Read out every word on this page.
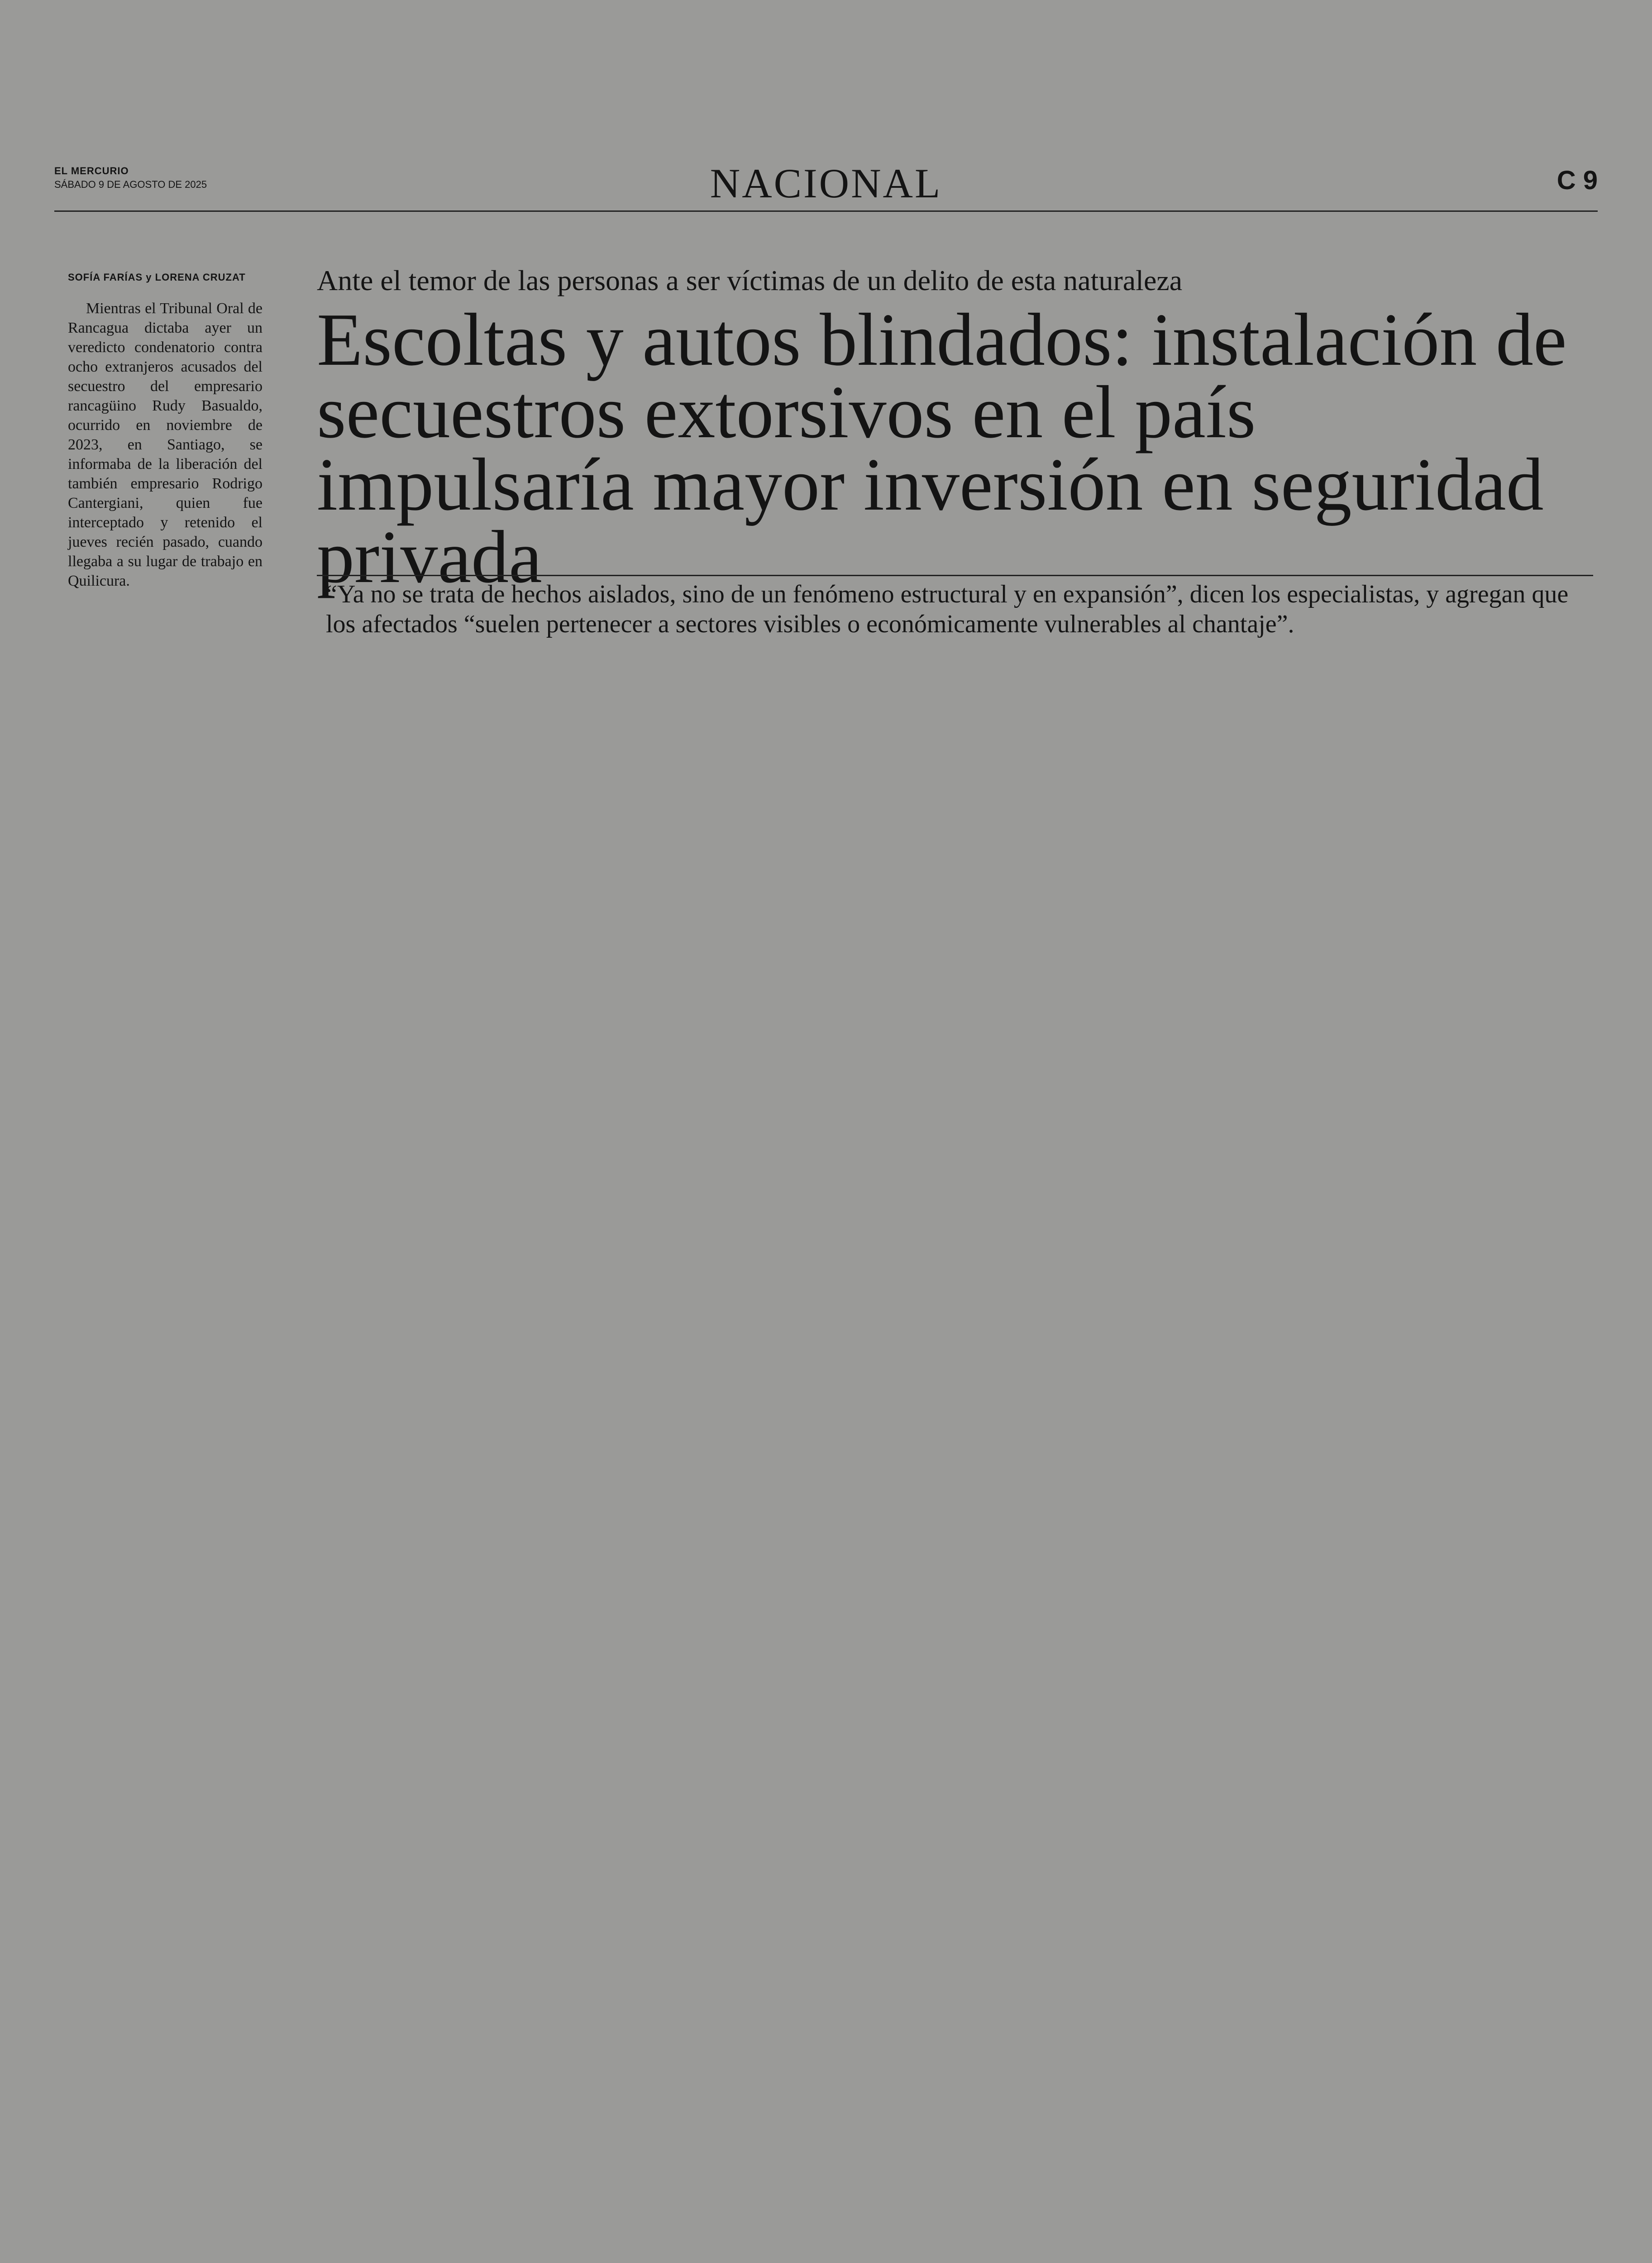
EL MERCURIO
SÁBADO 9 DE AGOSTO DE 2025	NACIONAL	C 9
SOFÍA FARÍAS y LORENA CRUZAT

Mientras el Tribunal Oral de Rancagua dictaba ayer un veredicto condenatorio contra ocho extranjeros acusados del secuestro del empresario rancagüino Rudy Basualdo, ocurrido en noviembre de 2023, en Santiago, se informaba de la liberación del también empresario Rodrigo Cantergiani, quien fue interceptado y retenido el jueves recién pasado, cuando llegaba a su lugar de trabajo en Quilicura.

Ante el temor de las personas a ser víctimas de un delito de esta naturaleza
Escoltas y autos blindados: instalación de secuestros extorsivos en el país impulsaría mayor inversión en seguridad privada
“Ya no se trata de hechos aislados, sino de un fenómeno estructural y en expansión”, dicen los especialistas, y agregan que los afectados “suelen pertenecer a sectores visibles o económicamente vulnerables al chantaje”.
